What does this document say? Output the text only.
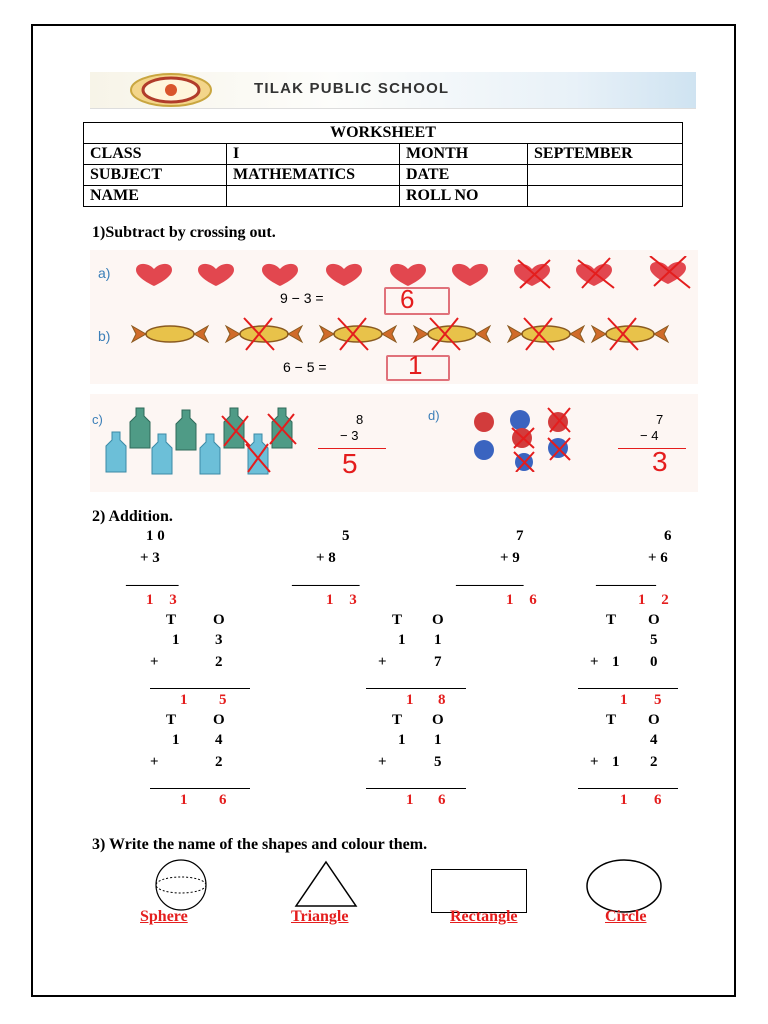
TILAK PUBLIC SCHOOL
WORKSHEET			
CLASS	I	MONTH	SEPTEMBER
SUBJECT	MATHEMATICS	DATE	
NAME		ROLL NO	
1)Subtract by crossing out.
a)
9 − 3 =	6
b)
6 − 5 =	1
c)	8
− 3
5
d)	7
− 4
3
2) Addition.
1 0
+ 3
_______
1 3
5
+ 8
_________
1 3
7
+ 9
_________
1 6
6
+ 6
________
1 2
3) Write the name of the shapes and colour them.
Sphere	Triangle	Rectangle	Circle
T O
1 3
+	2
1 5
T O
1 1
+	7
1 8
T O
5
+ 1 0
1 5
T O
1 4
+	2
1 6
T O
1 1
+	5
1 6
T O
4
+ 1 2
1 6
